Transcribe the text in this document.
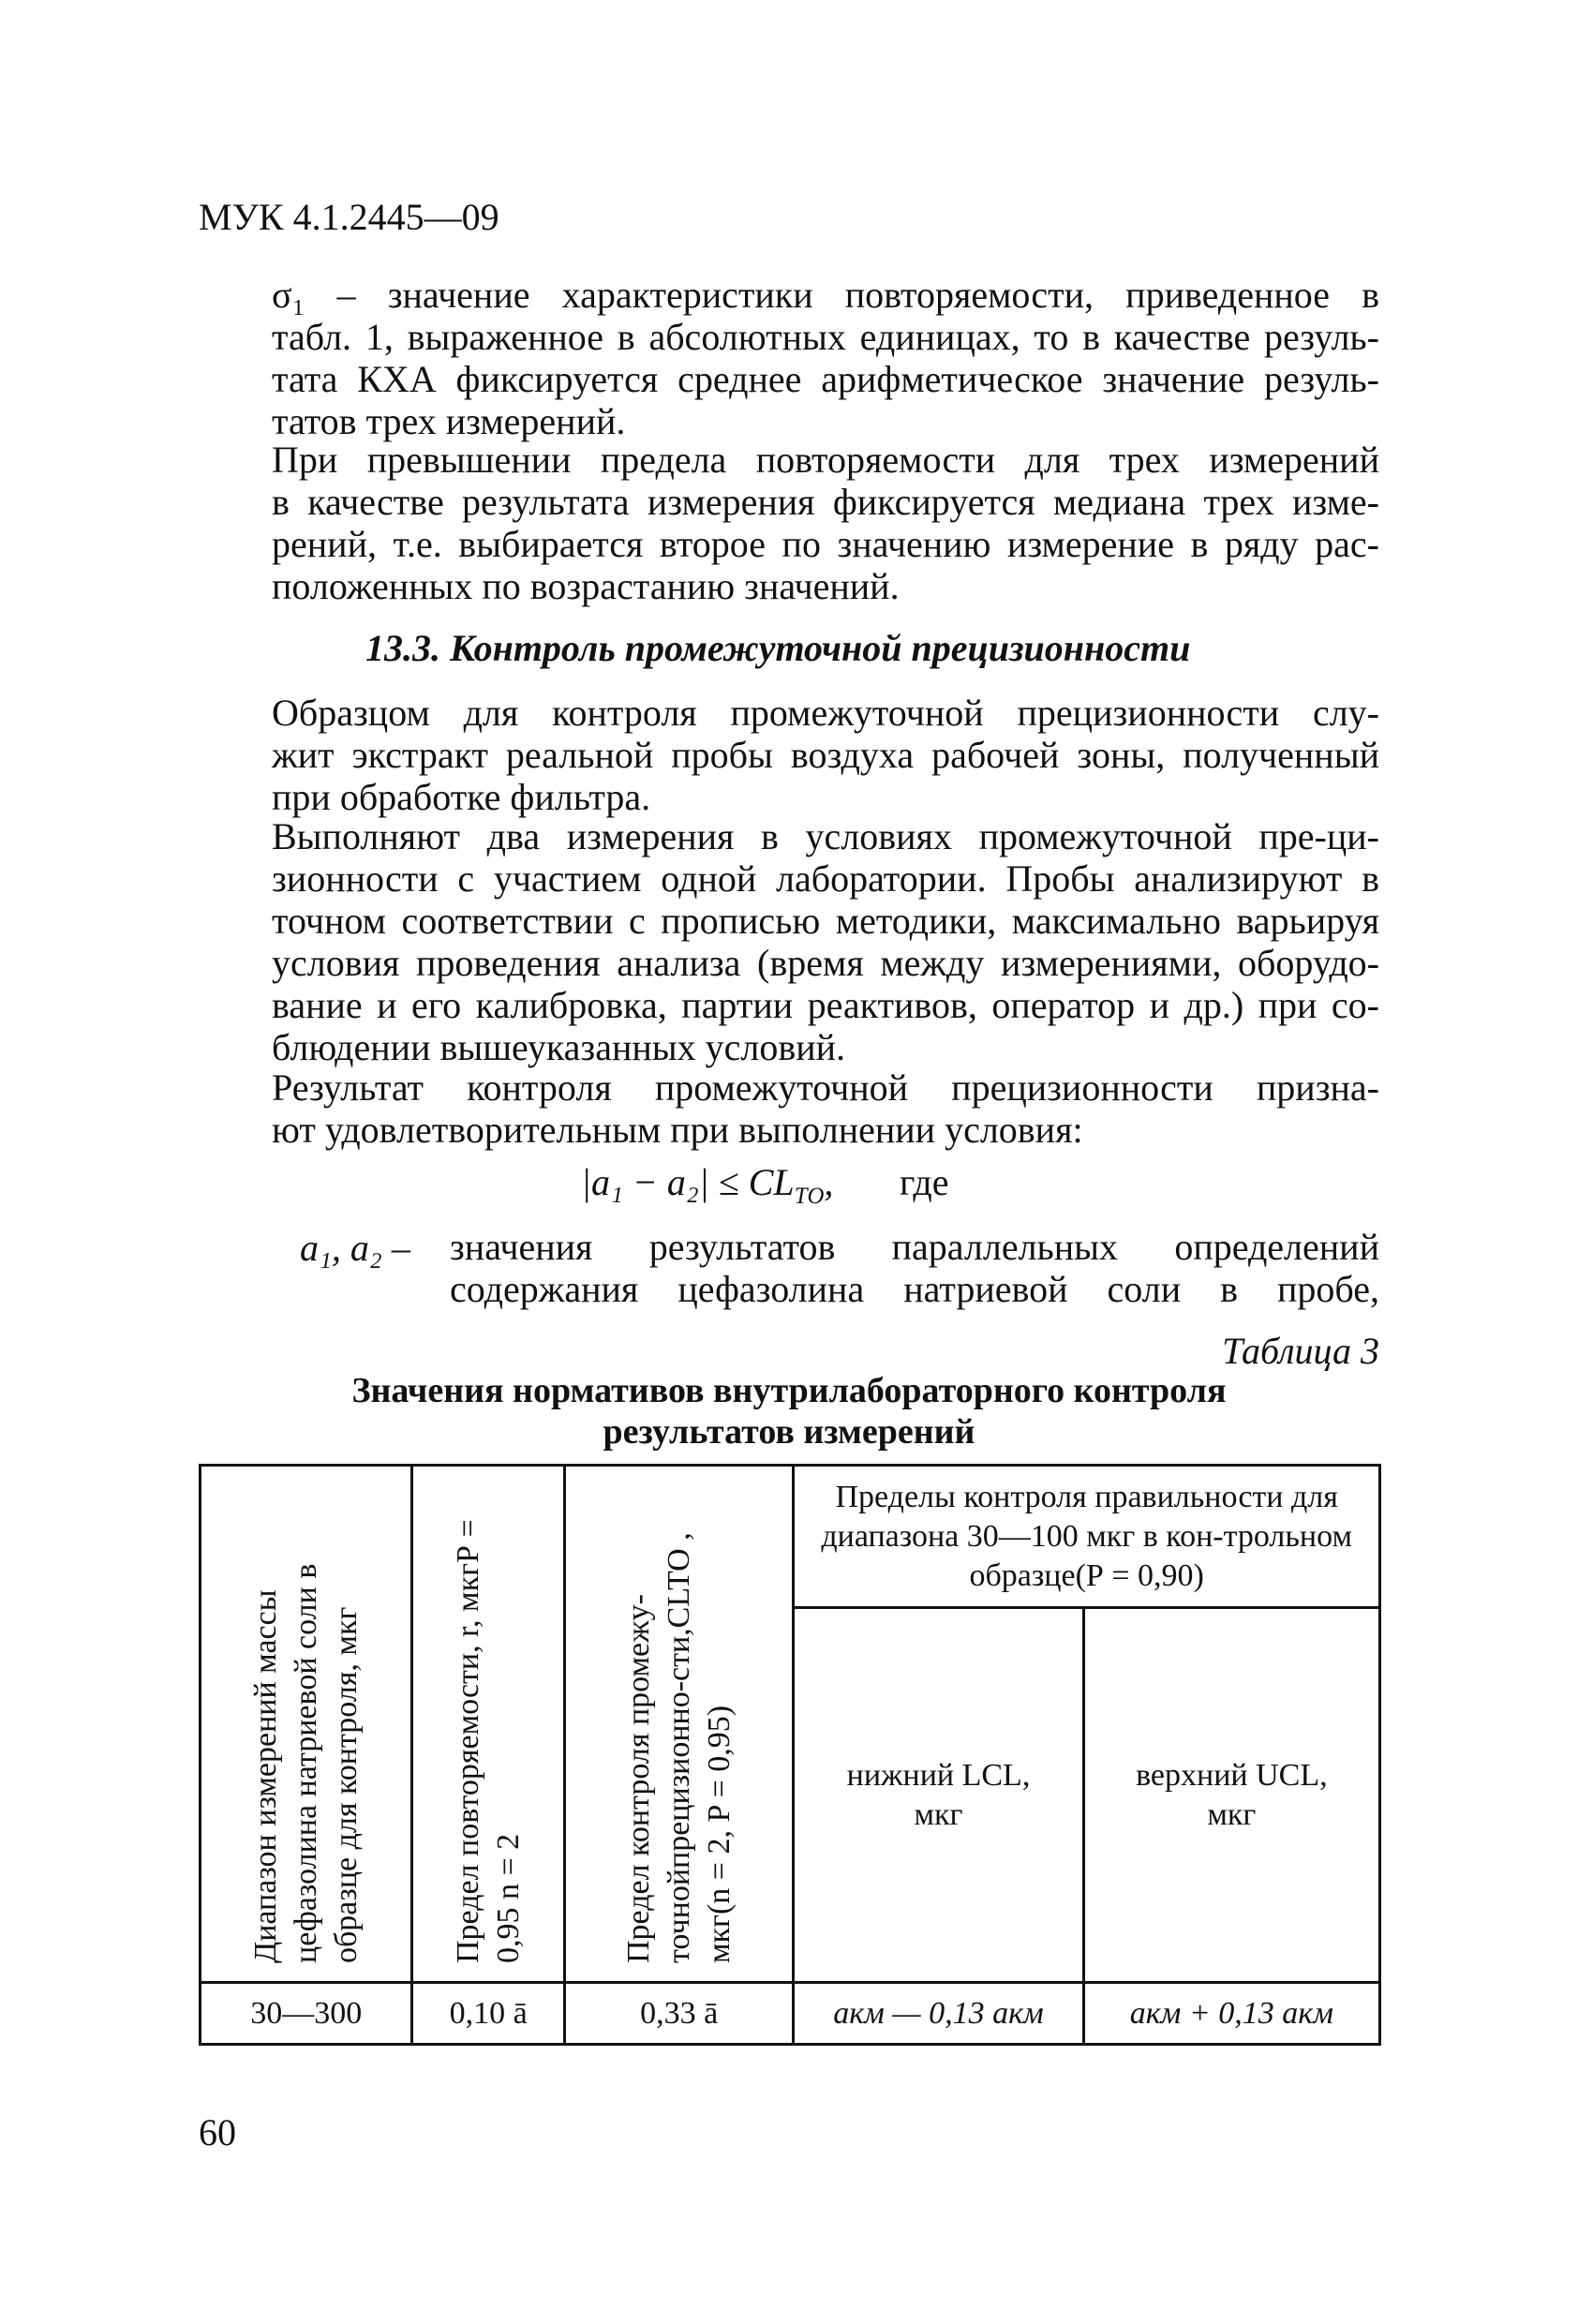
МУК 4.1.2445—09
σ₁ – значение характеристики повторяемости, приведенное в
табл. 1, выраженное в абсолютных единицах, то в качестве резуль-
тата КХА фиксируется среднее арифметическое значение резуль-
татов трех измерений.
При превышении предела повторяемости для трех измерений
в качестве результата измерения фиксируется медиана трех изме-
рений, т.е. выбирается второе по значению измерение в ряду рас-
положенных по возрастанию значений.
13.3. Контроль промежуточной прецизионности
Образцом для контроля промежуточной прецизионности слу-
жит экстракт реальной пробы воздуха рабочей зоны, полученный
при обработке фильтра.
Выполняют два измерения в условиях промежуточной пре-ци-
зионности с участием одной лаборатории. Пробы анализируют в
точном соответствии с прописью методики, максимально варьируя
условия проведения анализа (время между измерениями, оборудо-
вание и его калибровка, партии реактивов, оператор и др.) при со-
блюдении вышеуказанных условий.
Результат контроля промежуточной прецизионности призна-
ют удовлетворительным при выполнении условия:
$|a_1 - a_2| \le CL_{ТО}$, где
a₁, a₂ – значения результатов параллельных определений
содержания цефазолина натриевой соли в пробе,
Таблица 3
Значения нормативов внутрилабораторного контроля
результатов измерений
Диапазон измерений массы цефазолина натриевой соли в образце для контроля, мкг	Предел повторяемости, r, мкгР = 0,95 n = 2	Предел контроля промежу-точнойпрецизионно-сти,CLTO , мкг(n = 2, P = 0,95)	Пределы контроля правильности для диапазона 30—100 мкг в кон-трольном образце(Р = 0,90)	
			нижний LCL, мкг	верхний UCL, мкг
30—300	0,10 ā	0,33 ā	aкм — 0,13 aкм	aкм + 0,13 aкм
60
